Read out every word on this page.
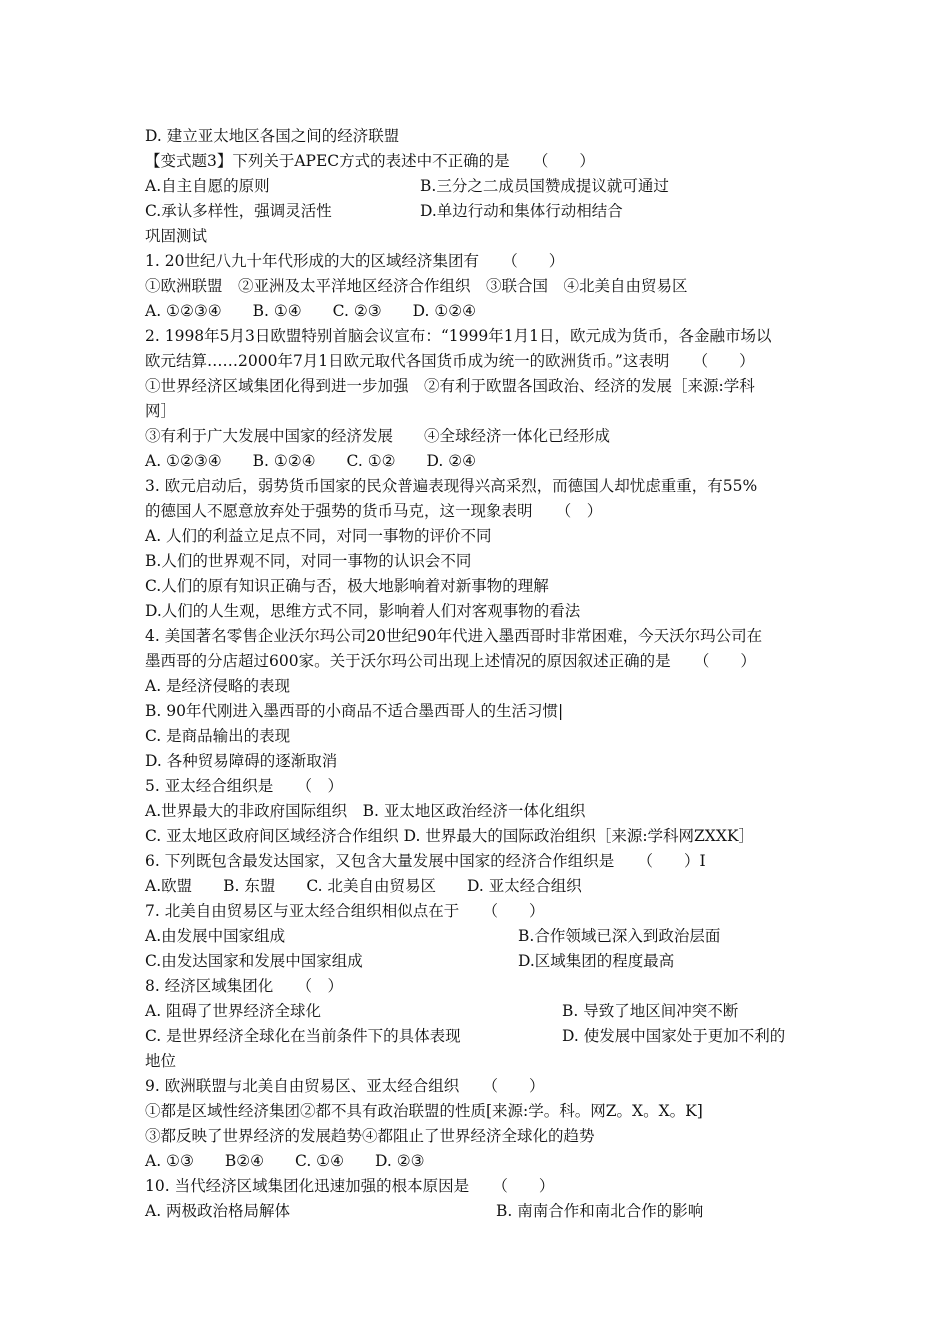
D. 建立亚太地区各国之间的经济联盟
【变式题3】下列关于APEC方式的表述中不正确的是　　（　　）
A.自主自愿的原则	B.三分之二成员国赞成提议就可通过
C.承认多样性，强调灵活性	D.单边行动和集体行动相结合
巩固测试
1. 20世纪八九十年代形成的大的区域经济集团有　　（　　）
①欧洲联盟　②亚洲及太平洋地区经济合作组织　③联合国　④北美自由贸易区
A. ①②③④　　B. ①④　　C. ②③　　D. ①②④
2. 1998年5月3日欧盟特别首脑会议宣布：“1999年1月1日，欧元成为货币，各金融市场以
欧元结算……2000年7月1日欧元取代各国货币成为统一的欧洲货币。”这表明　　（　　）
①世界经济区域集团化得到进一步加强　②有利于欧盟各国政治、经济的发展［来源:学科
网］
③有利于广大发展中国家的经济发展　　④全球经济一体化已经形成
A. ①②③④　　B. ①②④　　C. ①②　　D. ②④
3. 欧元启动后，弱势货币国家的民众普遍表现得兴高采烈，而德国人却忧虑重重，有55%
的德国人不愿意放弃处于强势的货币马克，这一现象表明　　（　）
A. 人们的利益立足点不同，对同一事物的评价不同
B.人们的世界观不同，对同一事物的认识会不同
C.人们的原有知识正确与否，极大地影响着对新事物的理解
D.人们的人生观，思维方式不同，影响着人们对客观事物的看法
4. 美国著名零售企业沃尔玛公司20世纪90年代进入墨西哥时非常困难，今天沃尔玛公司在
墨西哥的分店超过600家。关于沃尔玛公司出现上述情况的原因叙述正确的是　　（　　）
A. 是经济侵略的表现
B. 90年代刚进入墨西哥的小商品不适合墨西哥人的生活习惯|
C. 是商品输出的表现
D. 各种贸易障碍的逐渐取消
5. 亚太经合组织是　　（　）
A.世界最大的非政府国际组织　B. 亚太地区政治经济一体化组织
C. 亚太地区政府间区域经济合作组织 D. 世界最大的国际政治组织［来源:学科网ZXXK］
6. 下列既包含最发达国家，又包含大量发展中国家的经济合作组织是　　（　　）I
A.欧盟　　B. 东盟　　C. 北美自由贸易区　　D. 亚太经合组织
7. 北美自由贸易区与亚太经合组织相似点在于　　（　　）
A.由发展中国家组成	B.合作领域已深入到政治层面
C.由发达国家和发展中国家组成	D.区域集团的程度最高
8. 经济区域集团化　　（　）
A. 阻碍了世界经济全球化	B. 导致了地区间冲突不断
C. 是世界经济全球化在当前条件下的具体表现	D. 使发展中国家处于更加不利的
地位
9. 欧洲联盟与北美自由贸易区、亚太经合组织　　（　　）
①都是区域性经济集团②都不具有政治联盟的性质[来源:学。科。网Z。X。X。K]
③都反映了世界经济的发展趋势④都阻止了世界经济全球化的趋势
A. ①③　　B②④　　C. ①④　　D. ②③
10. 当代经济区域集团化迅速加强的根本原因是　　（　　）
A. 两极政治格局解体	B. 南南合作和南北合作的影响
